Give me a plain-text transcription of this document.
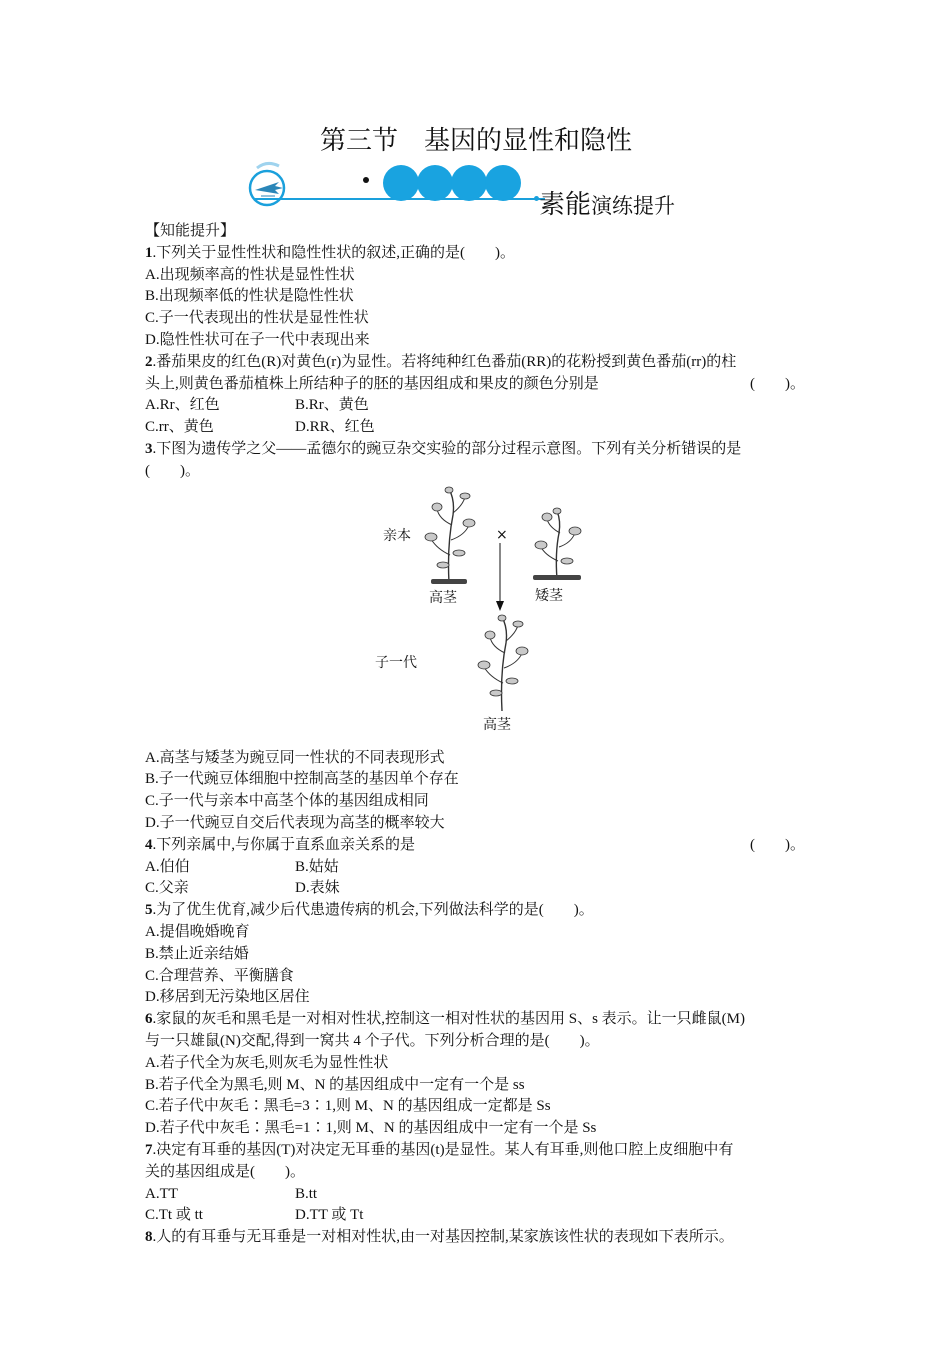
第三节　基因的显性和隐性
素能演练提升
【知能提升】
1.下列关于显性性状和隐性性状的叙述,正确的是(　　)。
A.出现频率高的性状是显性性状
B.出现频率低的性状是隐性性状
C.子一代表现出的性状是显性性状
D.隐性性状可在子一代中表现出来
2.番茄果皮的红色(R)对黄色(r)为显性。若将纯种红色番茄(RR)的花粉授到黄色番茄(rr)的柱
头上,则黄色番茄植株上所结种子的胚的基因组成和果皮的颜色分别是	(　　)。
A.Rr、红色	B.Rr、黄色
C.rr、黄色	D.RR、红色
3.下图为遗传学之父——孟德尔的豌豆杂交实验的部分过程示意图。下列有关分析错误的是
(　　)。
亲本	×
高茎	矮茎
子一代
高茎
A.高茎与矮茎为豌豆同一性状的不同表现形式
B.子一代豌豆体细胞中控制高茎的基因单个存在
C.子一代与亲本中高茎个体的基因组成相同
D.子一代豌豆自交后代表现为高茎的概率较大
4.下列亲属中,与你属于直系血亲关系的是	(　　)。
A.伯伯	B.姑姑
C.父亲	D.表妹
5.为了优生优育,减少后代患遗传病的机会,下列做法科学的是(　　)。
A.提倡晚婚晚育
B.禁止近亲结婚
C.合理营养、平衡膳食
D.移居到无污染地区居住
6.家鼠的灰毛和黑毛是一对相对性状,控制这一相对性状的基因用 S、s 表示。让一只雌鼠(M)
与一只雄鼠(N)交配,得到一窝共 4 个子代。下列分析合理的是(　　)。
A.若子代全为灰毛,则灰毛为显性性状
B.若子代全为黑毛,则 M、N 的基因组成中一定有一个是 ss
C.若子代中灰毛∶黑毛=3∶1,则 M、N 的基因组成一定都是 Ss
D.若子代中灰毛∶黑毛=1∶1,则 M、N 的基因组成中一定有一个是 Ss
7.决定有耳垂的基因(T)对决定无耳垂的基因(t)是显性。某人有耳垂,则他口腔上皮细胞中有
关的基因组成是(　　)。
A.TT	B.tt
C.Tt 或 tt	D.TT 或 Tt
8.人的有耳垂与无耳垂是一对相对性状,由一对基因控制,某家族该性状的表现如下表所示。
